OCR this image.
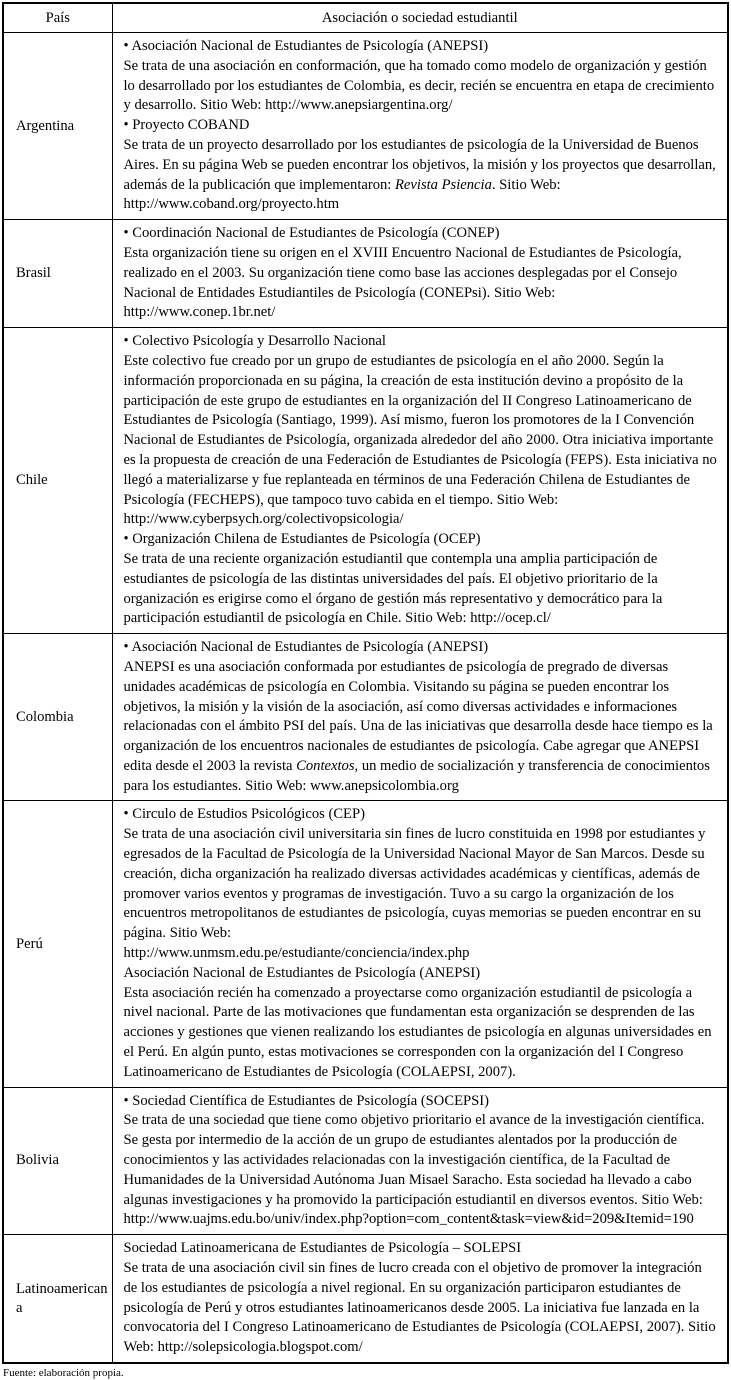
País	Asociación o sociedad estudiantil
Argentina	• Asociación Nacional de Estudiantes de Psicología (ANEPSI)

Se trata de una asociación en conformación, que ha tomado como modelo de organización y gestión lo desarrollado por los estudiantes de Colombia, es decir, recién se encuentra en etapa de crecimiento y desarrollo. Sitio Web: http://www.anepsiargentina.org/

• Proyecto COBAND

Se trata de un proyecto desarrollado por los estudiantes de psicología de la Universidad de Buenos Aires. En su página Web se pueden encontrar los objetivos, la misión y los proyectos que desarrollan, además de la publicación que implementaron: Revista Psiencia. Sitio Web: http://www.coband.org/proyecto.htm

Brasil	• Coordinación Nacional de Estudiantes de Psicología (CONEP)

Esta organización tiene su origen en el XVIII Encuentro Nacional de Estudiantes de Psicología, realizado en el 2003. Su organización tiene como base las acciones desplegadas por el Consejo Nacional de Entidades Estudiantiles de Psicología (CONEPsi). Sitio Web:

http://www.conep.1br.net/

Chile	• Colectivo Psicología y Desarrollo Nacional

Este colectivo fue creado por un grupo de estudiantes de psicología en el año 2000. Según la información proporcionada en su página, la creación de esta institución devino a propósito de la participación de este grupo de estudiantes en la organización del II Congreso Latinoamericano de Estudiantes de Psicología (Santiago, 1999). Así mismo, fueron los promotores de la I Convención Nacional de Estudiantes de Psicología, organizada alrededor del año 2000. Otra iniciativa importante es la propuesta de creación de una Federación de Estudiantes de Psicología (FEPS). Esta iniciativa no llegó a materializarse y fue replanteada en términos de una Federación Chilena de Estudiantes de Psicología (FECHEPS), que tampoco tuvo cabida en el tiempo. Sitio Web: http://www.cyberpsych.org/colectivopsicologia/

• Organización Chilena de Estudiantes de Psicología (OCEP)

Se trata de una reciente organización estudiantil que contempla una amplia participación de estudiantes de psicología de las distintas universidades del país. El objetivo prioritario de la organización es erigirse como el órgano de gestión más representativo y democrático para la participación estudiantil de psicología en Chile. Sitio Web: http://ocep.cl/

Colombia	• Asociación Nacional de Estudiantes de Psicología (ANEPSI)

ANEPSI es una asociación conformada por estudiantes de psicología de pregrado de diversas unidades académicas de psicología en Colombia. Visitando su página se pueden encontrar los objetivos, la misión y la visión de la asociación, así como diversas actividades e informaciones relacionadas con el ámbito PSI del país. Una de las iniciativas que desarrolla desde hace tiempo es la organización de los encuentros nacionales de estudiantes de psicología. Cabe agregar que ANEPSI edita desde el 2003 la revista Contextos, un medio de socialización y transferencia de conocimientos para los estudiantes. Sitio Web: www.anepsicolombia.org

Perú	• Circulo de Estudios Psicológicos (CEP)

Se trata de una asociación civil universitaria sin fines de lucro constituida en 1998 por estudiantes y egresados de la Facultad de Psicología de la Universidad Nacional Mayor de San Marcos. Desde su creación, dicha organización ha realizado diversas actividades académicas y científicas, además de promover varios eventos y programas de investigación. Tuvo a su cargo la organización de los encuentros metropolitanos de estudiantes de psicología, cuyas memorias se pueden encontrar en su página. Sitio Web:

http://www.unmsm.edu.pe/estudiante/conciencia/index.php

Asociación Nacional de Estudiantes de Psicología (ANEPSI)

Esta asociación recién ha comenzado a proyectarse como organización estudiantil de psicología a nivel nacional. Parte de las motivaciones que fundamentan esta organización se desprenden de las acciones y gestiones que vienen realizando los estudiantes de psicología en algunas universidades en el Perú. En algún punto, estas motivaciones se corresponden con la organización del I Congreso Latinoamericano de Estudiantes de Psicología (COLAEPSI, 2007).

Bolivia	• Sociedad Científica de Estudiantes de Psicología (SOCEPSI)

Se trata de una sociedad que tiene como objetivo prioritario el avance de la investigación científica. Se gesta por intermedio de la acción de un grupo de estudiantes alentados por la producción de conocimientos y las actividades relacionadas con la investigación científica, de la Facultad de Humanidades de la Universidad Autónoma Juan Misael Saracho. Esta sociedad ha llevado a cabo algunas investigaciones y ha promovido la participación estudiantil en diversos eventos. Sitio Web:

http://www.uajms.edu.bo/univ/index.php?option=com_content&task=view&id=209&Itemid=190

Latinoamericana	Sociedad Latinoamericana de Estudiantes de Psicología – SOLEPSI

Se trata de una asociación civil sin fines de lucro creada con el objetivo de promover la integración de los estudiantes de psicología a nivel regional. En su organización participaron estudiantes de psicología de Perú y otros estudiantes latinoamericanos desde 2005. La iniciativa fue lanzada en la convocatoria del I Congreso Latinoamericano de Estudiantes de Psicología (COLAEPSI, 2007). Sitio Web: http://solepsicologia.blogspot.com/

Fuente: elaboración propia.
